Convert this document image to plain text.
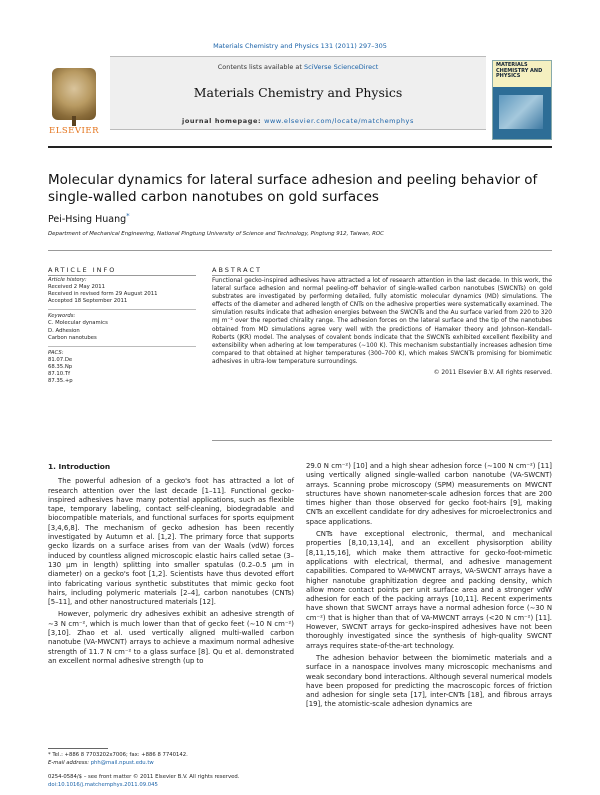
Materials Chemistry and Physics 131 (2011) 297–305
ELSEVIER
Contents lists available at SciVerse ScienceDirect
Materials Chemistry and Physics
journal homepage: www.elsevier.com/locate/matchemphys
MATERIALS CHEMISTRY AND PHYSICS
Molecular dynamics for lateral surface adhesion and peeling behavior of single-walled carbon nanotubes on gold surfaces
Pei-Hsing Huang*
Department of Mechanical Engineering, National Pingtung University of Science and Technology, Pingtung 912, Taiwan, ROC
ARTICLE INFO	ABSTRACT
Article history:
Received 2 May 2011
Received in revised form 29 August 2011
Accepted 18 September 2011
Keywords:
C. Molecular dynamics
D. Adhesion
Carbon nanotubes
PACS:
81.07.De
68.35.Np
87.10.Tf
87.35.+p
Functional gecko-inspired adhesives have attracted a lot of research attention in the last decade. In this work, the lateral surface adhesion and normal peeling-off behavior of single-walled carbon nanotubes (SWCNTs) on gold substrates are investigated by performing detailed, fully atomistic molecular dynamics (MD) simulations. The effects of the diameter and adhered length of CNTs on the adhesive properties were systematically examined. The simulation results indicate that adhesion energies between the SWCNTs and the Au surface varied from 220 to 320 mJ m⁻² over the reported chirality range. The adhesion forces on the lateral surface and the tip of the nanotubes obtained from MD simulations agree very well with the predictions of Hamaker theory and Johnson–Kendall–Roberts (JKR) model. The analyses of covalent bonds indicate that the SWCNTs exhibited excellent flexibility and extensibility when adhering at low temperatures (∼100 K). This mechanism substantially increases adhesion time compared to that obtained at higher temperatures (300–700 K), which makes SWCNTs promising for biomimetic adhesives in ultra-low temperature surroundings.
© 2011 Elsevier B.V. All rights reserved.

1. Introduction

The powerful adhesion of a gecko's foot has attracted a lot of research attention over the last decade [1–11]. Functional gecko-inspired adhesives have many potential applications, such as flexible tape, temporary labeling, contact self-cleaning, biodegradable and biocompatible materials, and functional surfaces for sports equipment [3,4,6,8]. The mechanism of gecko adhesion has been recently investigated by Autumn et al. [1,2]. The primary force that supports gecko lizards on a surface arises from van der Waals (vdW) forces induced by countless aligned microscopic elastic hairs called setae (3–130 μm in length) splitting into smaller spatulas (0.2–0.5 μm in diameter) on a gecko's foot [1,2]. Scientists have thus devoted effort into fabricating various synthetic substitutes that mimic gecko foot hairs, including polymeric materials [2–4], carbon nanotubes (CNTs) [5–11], and other nanostructured materials [12].

However, polymeric dry adhesives exhibit an adhesive strength of ∼3 N cm⁻², which is much lower than that of gecko feet (∼10 N cm⁻²) [3,10]. Zhao et al. used vertically aligned multi-walled carbon nanotube (VA-MWCNT) arrays to achieve a maximum normal adhesive strength of 11.7 N cm⁻² to a glass surface [8]. Qu et al. demonstrated an excellent normal adhesive strength (up to

29.0 N cm⁻²) [10] and a high shear adhesion force (∼100 N cm⁻²) [11] using vertically aligned single-walled carbon nanotube (VA-SWCNT) arrays. Scanning probe microscopy (SPM) measurements on MWCNT structures have shown nanometer-scale adhesion forces that are 200 times higher than those observed for gecko foot-hairs [9], making CNTs an excellent candidate for dry adhesives for microelectronics and space applications.

CNTs have exceptional electronic, thermal, and mechanical properties [8,10,13,14], and an excellent physisorption ability [8,11,15,16], which make them attractive for gecko-foot-mimetic applications with electrical, thermal, and adhesive management capabilities. Compared to VA-MWCNT arrays, VA-SWCNT arrays have a higher nanotube graphitization degree and packing density, which allow more contact points per unit surface area and a stronger vdW adhesion for each of the packing arrays [10,11]. Recent experiments have shown that SWCNT arrays have a normal adhesion force (∼30 N cm⁻²) that is higher than that of VA-MWCNT arrays (<20 N cm⁻²) [11]. However, SWCNT arrays for gecko-inspired adhesives have not been thoroughly investigated since the synthesis of high-quality SWCNT arrays requires state-of-the-art technology.

The adhesion behavior between the biomimetic materials and a surface in a nanospace involves many microscopic mechanisms and weak secondary bond interactions. Although several numerical models have been proposed for predicting the macroscopic forces of friction and adhesion for single seta [17], inter-CNTs [18], and fibrous arrays [19], the atomistic-scale adhesion dynamics are

* Tel.: +886 8 7703202x7006; fax: +886 8 7740142.
E-mail address: phh@mail.npust.edu.tw
0254-0584/$ – see front matter © 2011 Elsevier B.V. All rights reserved.
doi:10.1016/j.matchemphys.2011.09.045
